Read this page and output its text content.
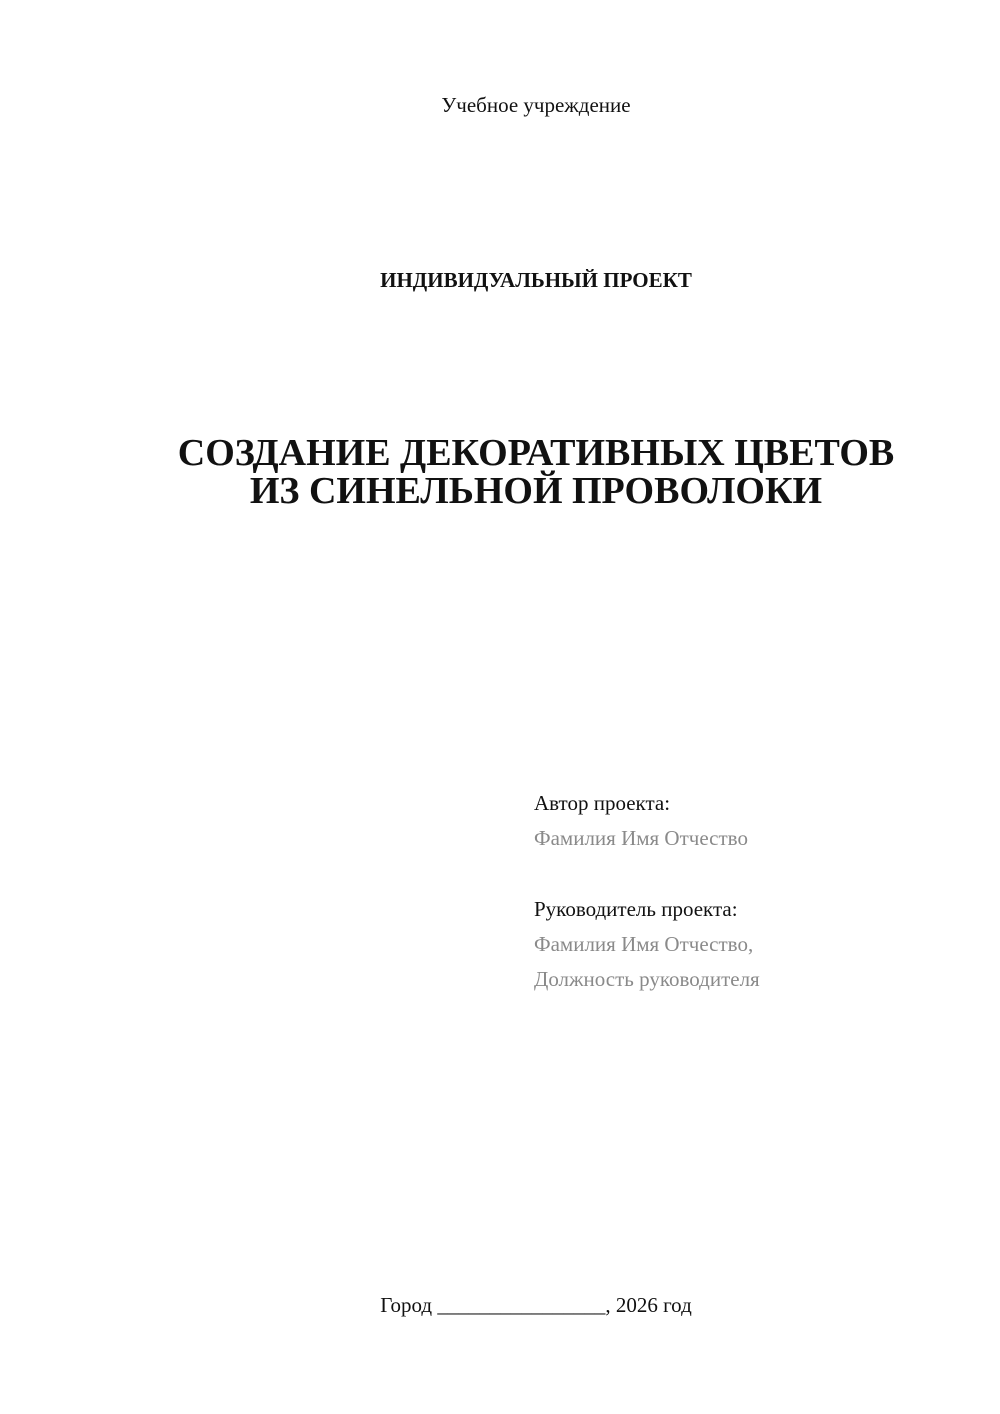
Учебное учреждение
ИНДИВИДУАЛЬНЫЙ ПРОЕКТ
СОЗДАНИЕ ДЕКОРАТИВНЫХ ЦВЕТОВ
ИЗ СИНЕЛЬНОЙ ПРОВОЛОКИ
Автор проекта:
Фамилия Имя Отчество
Руководитель проекта:
Фамилия Имя Отчество,
Должность руководителя
Город ________________, 2026 год
